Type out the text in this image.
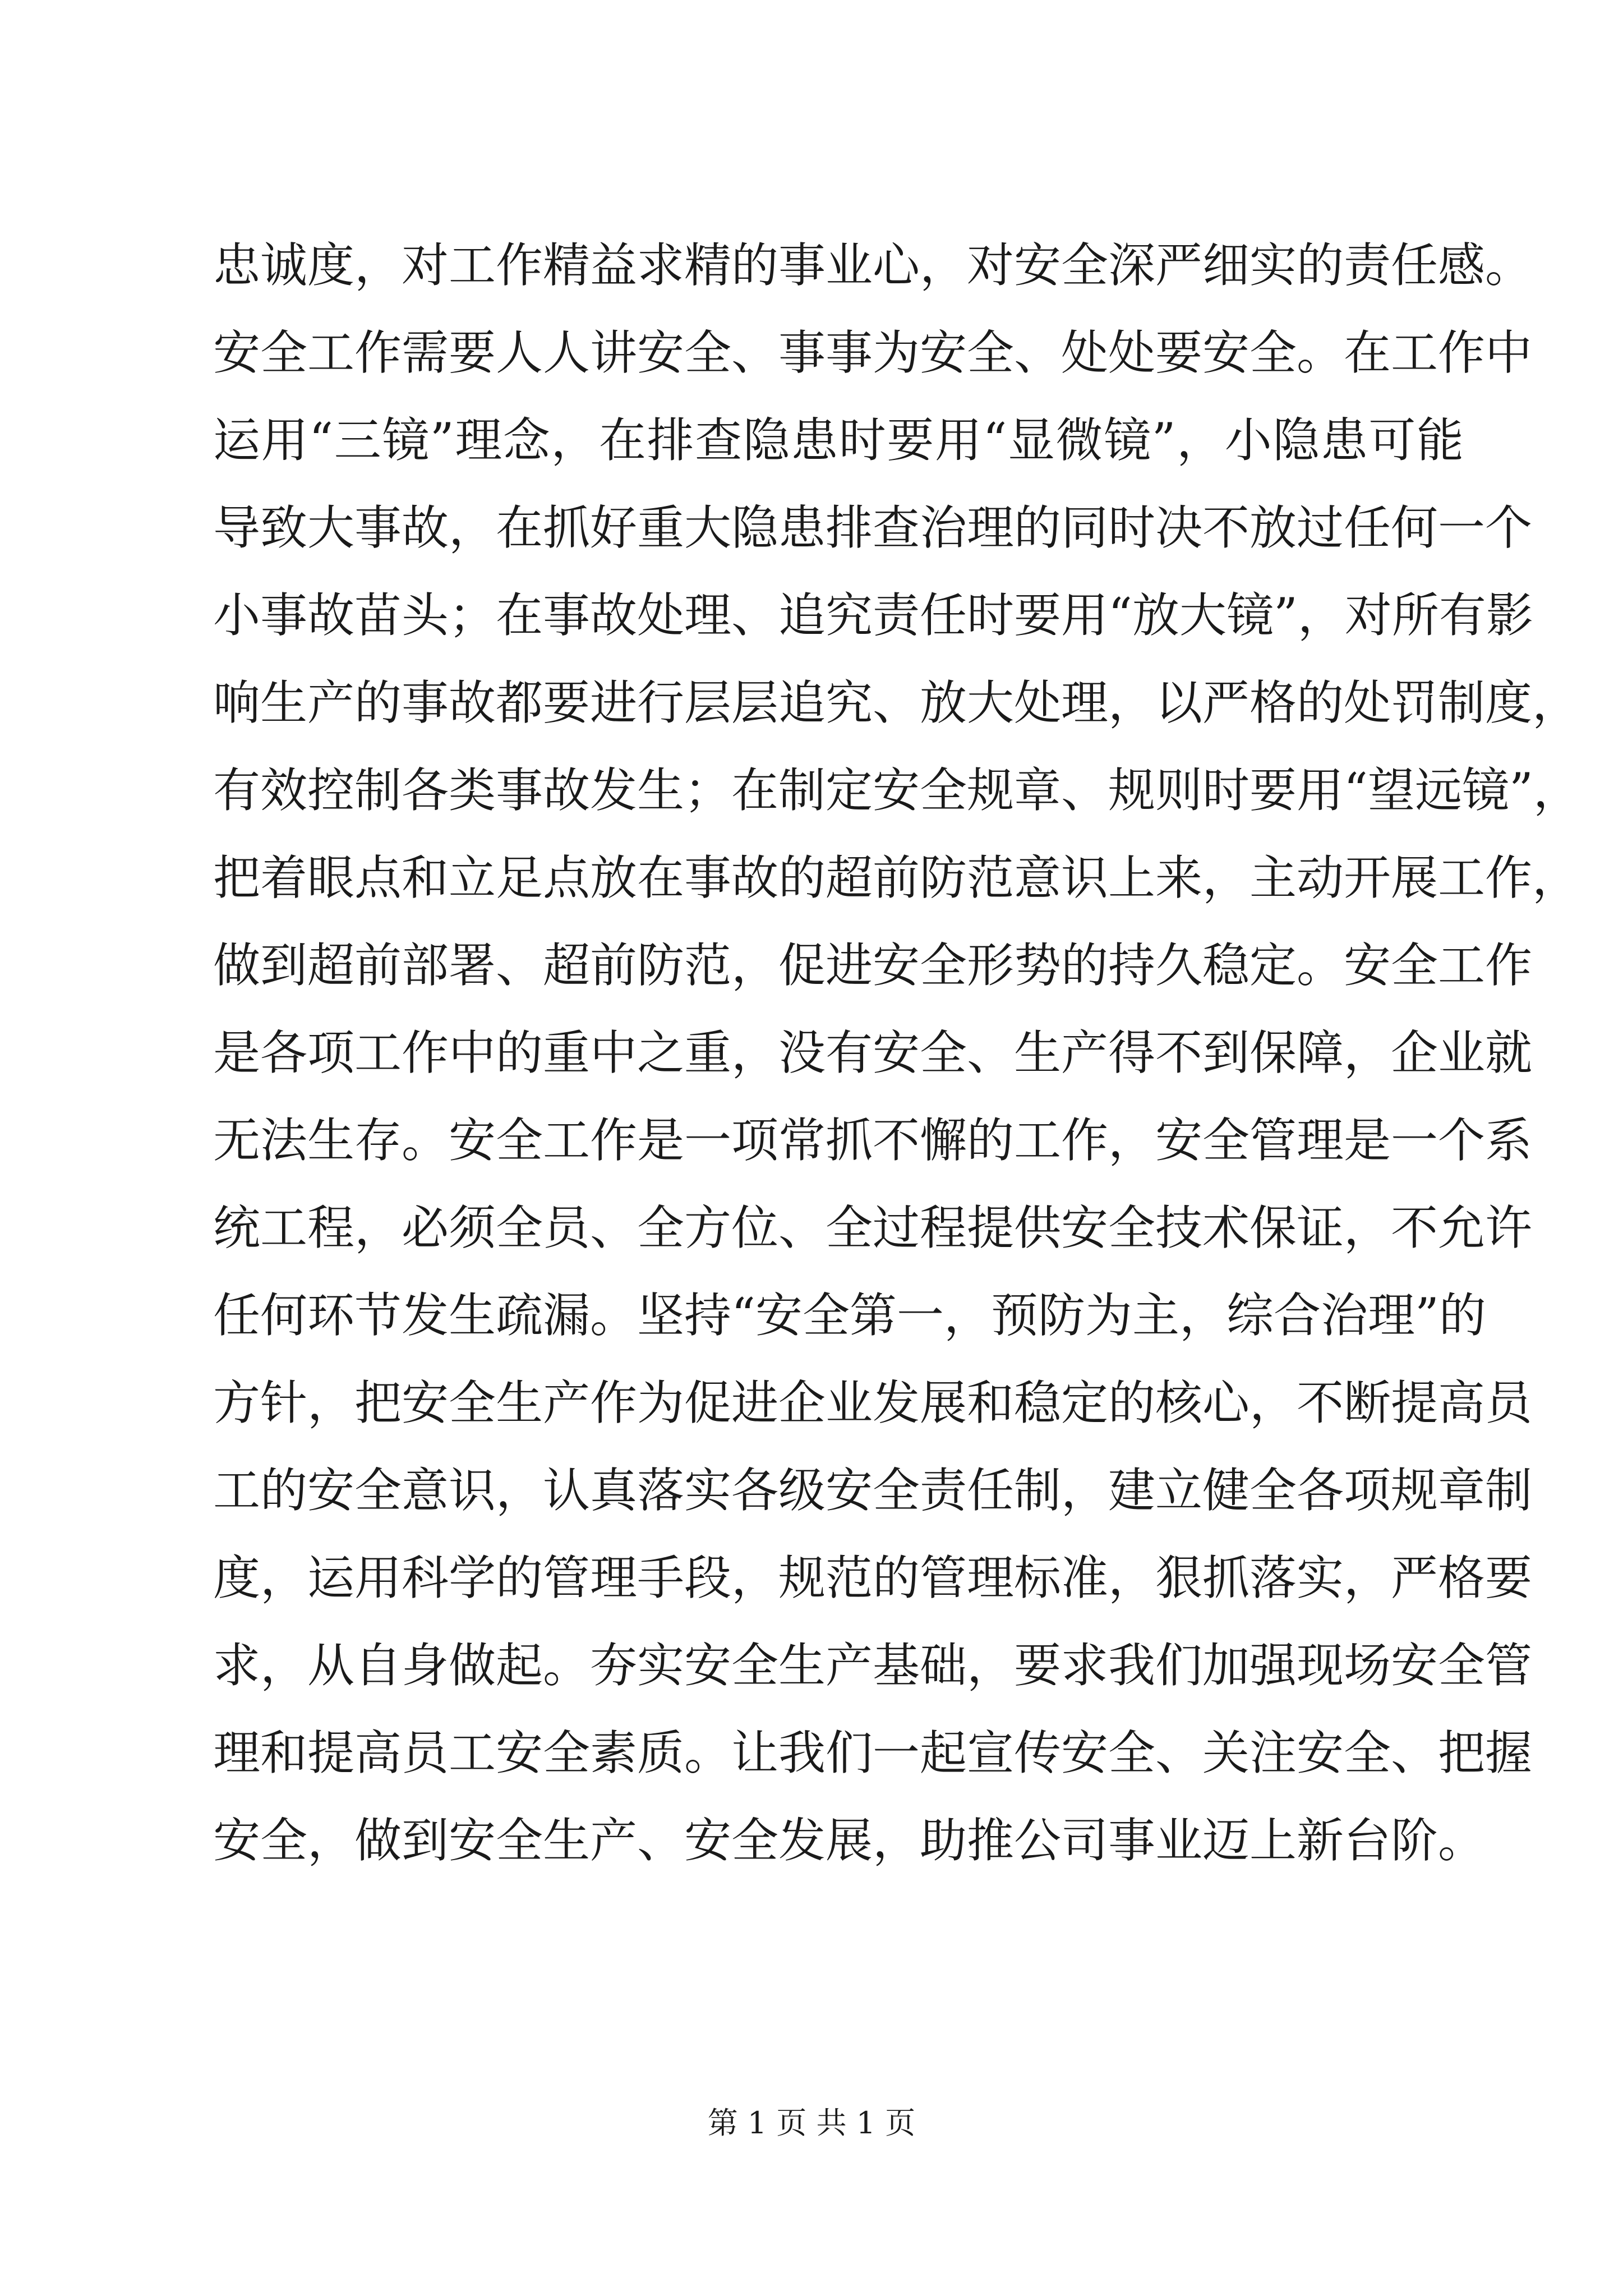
忠诚度，对工作精益求精的事业心，对安全深严细实的责任感。
安全工作需要人人讲安全、事事为安全、处处要安全。在工作中
运用“三镜”理念，在排查隐患时要用“显微镜”，小隐患可能
导致大事故，在抓好重大隐患排查治理的同时决不放过任何一个
小事故苗头；在事故处理、追究责任时要用“放大镜”，对所有影
响生产的事故都要进行层层追究、放大处理，以严格的处罚制度，
有效控制各类事故发生；在制定安全规章、规则时要用“望远镜”，
把着眼点和立足点放在事故的超前防范意识上来，主动开展工作，
做到超前部署、超前防范，促进安全形势的持久稳定。安全工作
是各项工作中的重中之重，没有安全、生产得不到保障，企业就
无法生存。安全工作是一项常抓不懈的工作，安全管理是一个系
统工程，必须全员、全方位、全过程提供安全技术保证，不允许
任何环节发生疏漏。坚持“安全第一，预防为主，综合治理”的
方针，把安全生产作为促进企业发展和稳定的核心，不断提高员
工的安全意识，认真落实各级安全责任制，建立健全各项规章制
度，运用科学的管理手段，规范的管理标准，狠抓落实，严格要
求，从自身做起。夯实安全生产基础，要求我们加强现场安全管
理和提高员工安全素质。让我们一起宣传安全、关注安全、把握
安全，做到安全生产、安全发展，助推公司事业迈上新台阶。
第 1 页 共 1 页
